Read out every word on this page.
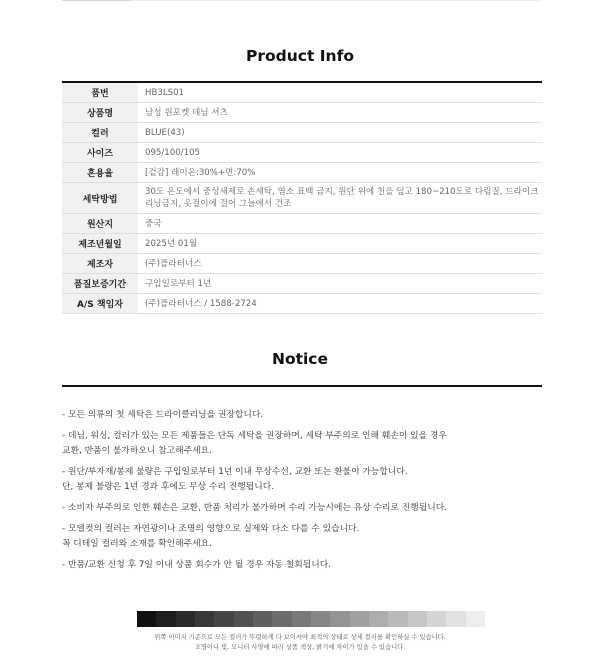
Product Info
품번	HB3LS01
상품명	남성 원포켓 데님 셔츠
컬러	BLUE(43)
사이즈	095/100/105
혼용율	[겉감] 레이온:30%+면:70%
세탁방법	30도 온도에서 중성세제로 손세탁, 염소 표백 금지, 원단 위에 천을 덮고 180~210도로 다림질, 드라이크리닝금지, 옷걸이에 걸어 그늘에서 건조
원산지	중국
제조년월일	2025년 01월
제조자	(주)플라터너스
품질보증기간	구입일로부터 1년
A/S 책임자	(주)플라터너스 / 1588-2724
Notice
- 모든 의류의 첫 세탁은 드라이클리닝을 권장합니다.
- 데님, 워싱, 컬러가 있는 모든 제품들은 단독 세탁을 권장하며, 세탁 부주의로 인해 훼손이 있을 경우
교환, 반품이 불가하오니 참고해주세요.
- 원단/부자재/봉제 불량은 구입일로부터 1년 이내 무상수선, 교환 또는 환불이 가능합니다.
단, 봉제 불량은 1년 경과 후에도 무상 수리 진행됩니다.
- 소비자 부주의로 인한 훼손은 교환, 반품 처리가 불가하며 수리 가능시에는 유상 수리로 진행됩니다.
- 모델컷의 컬러는 자연광이나 조명의 영향으로 실제와 다소 다를 수 있습니다.
꼭 디테일 컬러와 소재를 확인해주세요.
- 반품/교환 신청 후 7일 이내 상품 회수가 안 될 경우 자동 철회됩니다.
위쪽 이미지 기준으로 모든 컬러가 뚜렷하게 다 보이셔야 최적의 상태로 상세 컬러를 확인하실 수 있습니다.
조명이나 빛, 모니터 사양에 따라 상품 색상, 밝기에 차이가 있을 수 있습니다.
